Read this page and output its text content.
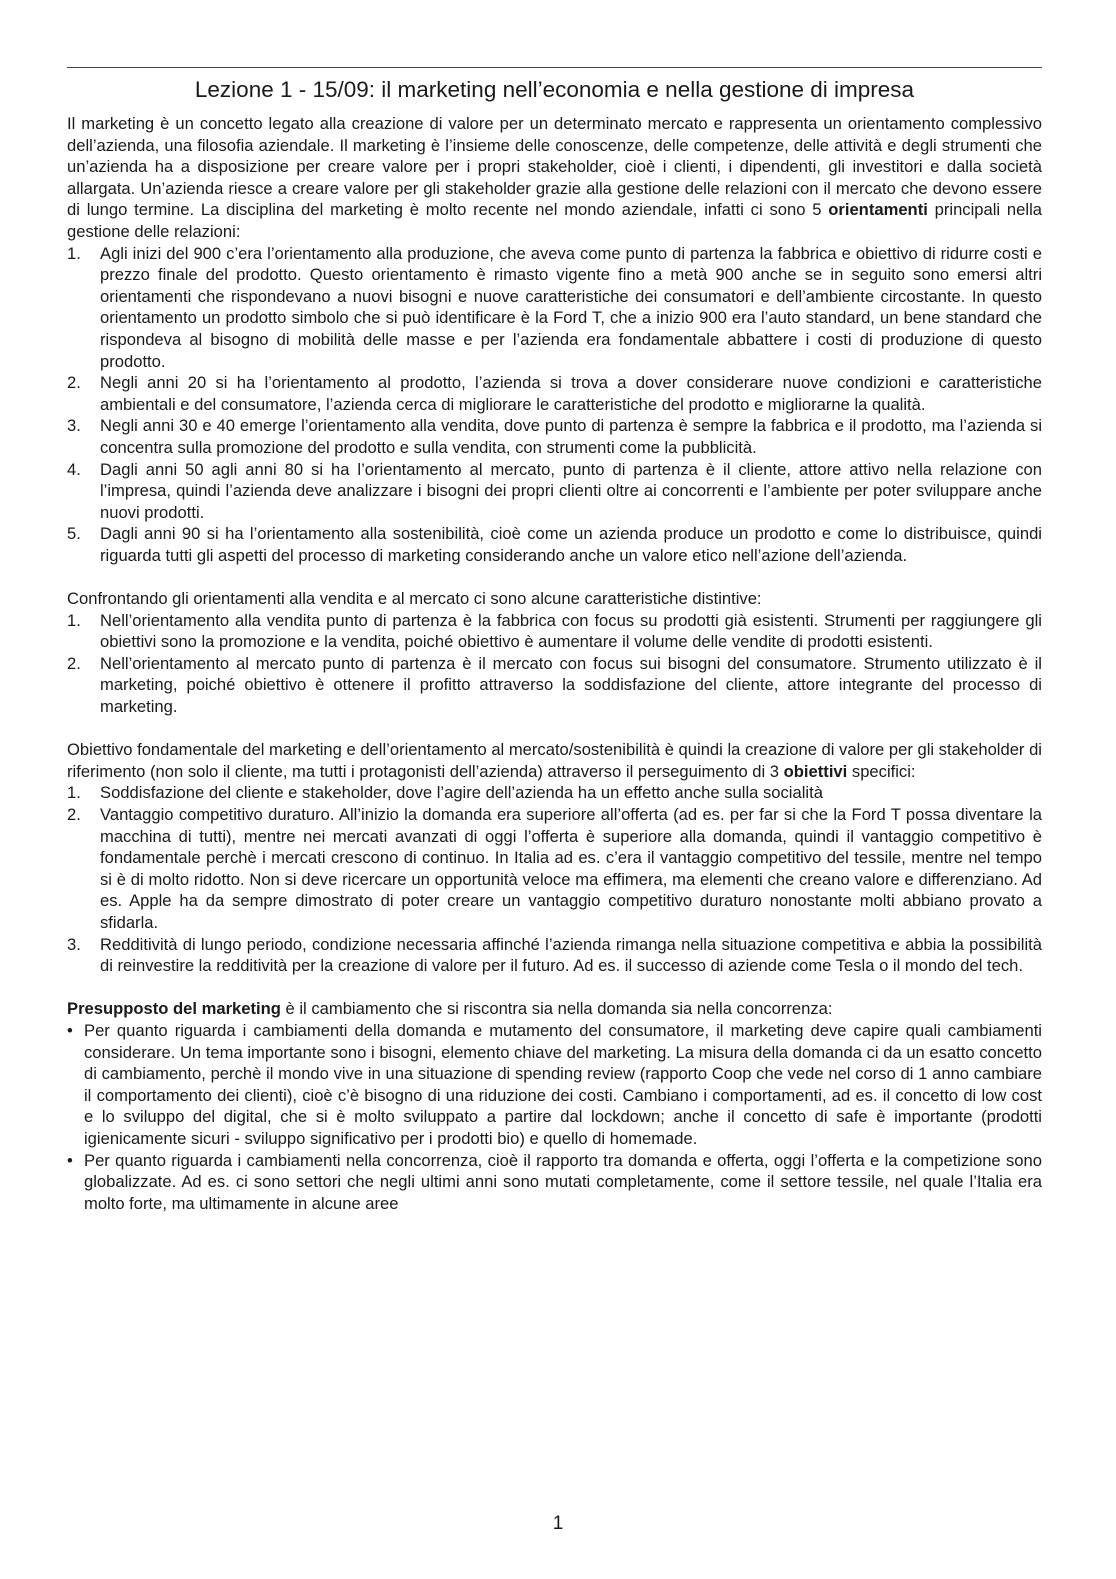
Lezione 1 - 15/09: il marketing nell’economia e nella gestione di impresa

Il marketing è un concetto legato alla creazione di valore per un determinato mercato e rappresenta un orientamento complessivo dell’azienda, una filosofia aziendale. Il marketing è l’insieme delle conoscenze, delle competenze, delle attività e degli strumenti che un’azienda ha a disposizione per creare valore per i propri stakeholder, cioè i clienti, i dipendenti, gli investitori e dalla società allargata. Un’azienda riesce a creare valore per gli stakeholder grazie alla gestione delle relazioni con il mercato che devono essere di lungo termine. La disciplina del marketing è molto recente nel mondo aziendale, infatti ci sono 5 orientamenti principali nella gestione delle relazioni:

1. Agli inizi del 900 c’era l’orientamento alla produzione, che aveva come punto di partenza la fabbrica e obiettivo di ridurre costi e prezzo finale del prodotto. Questo orientamento è rimasto vigente fino a metà 900 anche se in seguito sono emersi altri orientamenti che rispondevano a nuovi bisogni e nuove caratteristiche dei consumatori e dell’ambiente circostante. In questo orientamento un prodotto simbolo che si può identificare è la Ford T, che a inizio 900 era l’auto standard, un bene standard che rispondeva al bisogno di mobilità delle masse e per l’azienda era fondamentale abbattere i costi di produzione di questo prodotto.
2. Negli anni 20 si ha l’orientamento al prodotto, l’azienda si trova a dover considerare nuove condizioni e caratteristiche ambientali e del consumatore, l’azienda cerca di migliorare le caratteristiche del prodotto e migliorarne la qualità.
3. Negli anni 30 e 40 emerge l’orientamento alla vendita, dove punto di partenza è sempre la fabbrica e il prodotto, ma l’azienda si concentra sulla promozione del prodotto e sulla vendita, con strumenti come la pubblicità.
4. Dagli anni 50 agli anni 80 si ha l’orientamento al mercato, punto di partenza è il cliente, attore attivo nella relazione con l’impresa, quindi l’azienda deve analizzare i bisogni dei propri clienti oltre ai concorrenti e l’ambiente per poter sviluppare anche nuovi prodotti.
5. Dagli anni 90 si ha l’orientamento alla sostenibilità, cioè come un azienda produce un prodotto e come lo distribuisce, quindi riguarda tutti gli aspetti del processo di marketing considerando anche un valore etico nell’azione dell’azienda.

Confrontando gli orientamenti alla vendita e al mercato ci sono alcune caratteristiche distintive:

1. Nell’orientamento alla vendita punto di partenza è la fabbrica con focus su prodotti già esistenti. Strumenti per raggiungere gli obiettivi sono la promozione e la vendita, poiché obiettivo è aumentare il volume delle vendite di prodotti esistenti.
2. Nell’orientamento al mercato punto di partenza è il mercato con focus sui bisogni del consumatore. Strumento utilizzato è il marketing, poiché obiettivo è ottenere il profitto attraverso la soddisfazione del cliente, attore integrante del processo di marketing.

Obiettivo fondamentale del marketing e dell’orientamento al mercato/sostenibilità è quindi la creazione di valore per gli stakeholder di riferimento (non solo il cliente, ma tutti i protagonisti dell’azienda) attraverso il perseguimento di 3 obiettivi specifici:

1. Soddisfazione del cliente e stakeholder, dove l’agire dell’azienda ha un effetto anche sulla socialità
2. Vantaggio competitivo duraturo. All’inizio la domanda era superiore all’offerta (ad es. per far si che la Ford T possa diventare la macchina di tutti), mentre nei mercati avanzati di oggi l’offerta è superiore alla domanda, quindi il vantaggio competitivo è fondamentale perchè i mercati crescono di continuo. In Italia ad es. c’era il vantaggio competitivo del tessile, mentre nel tempo si è di molto ridotto. Non si deve ricercare un opportunità veloce ma effimera, ma elementi che creano valore e differenziano. Ad es. Apple ha da sempre dimostrato di poter creare un vantaggio competitivo duraturo nonostante molti abbiano provato a sfidarla.
3. Redditività di lungo periodo, condizione necessaria affinché l’azienda rimanga nella situazione competitiva e abbia la possibilità di reinvestire la redditività per la creazione di valore per il futuro. Ad es. il successo di aziende come Tesla o il mondo del tech.

Presupposto del marketing è il cambiamento che si riscontra sia nella domanda sia nella concorrenza:

• Per quanto riguarda i cambiamenti della domanda e mutamento del consumatore, il marketing deve capire quali cambiamenti considerare. Un tema importante sono i bisogni, elemento chiave del marketing. La misura della domanda ci da un esatto concetto di cambiamento, perchè il mondo vive in una situazione di spending review (rapporto Coop che vede nel corso di 1 anno cambiare il comportamento dei clienti), cioè c’è bisogno di una riduzione dei costi. Cambiano i comportamenti, ad es. il concetto di low cost e lo sviluppo del digital, che si è molto sviluppato a partire dal lockdown; anche il concetto di safe è importante (prodotti igienicamente sicuri - sviluppo significativo per i prodotti bio) e quello di homemade.
• Per quanto riguarda i cambiamenti nella concorrenza, cioè il rapporto tra domanda e offerta, oggi l’offerta e la competizione sono globalizzate. Ad es. ci sono settori che negli ultimi anni sono mutati completamente, come il settore tessile, nel quale l’Italia era molto forte, ma ultimamente in alcune aree
1
